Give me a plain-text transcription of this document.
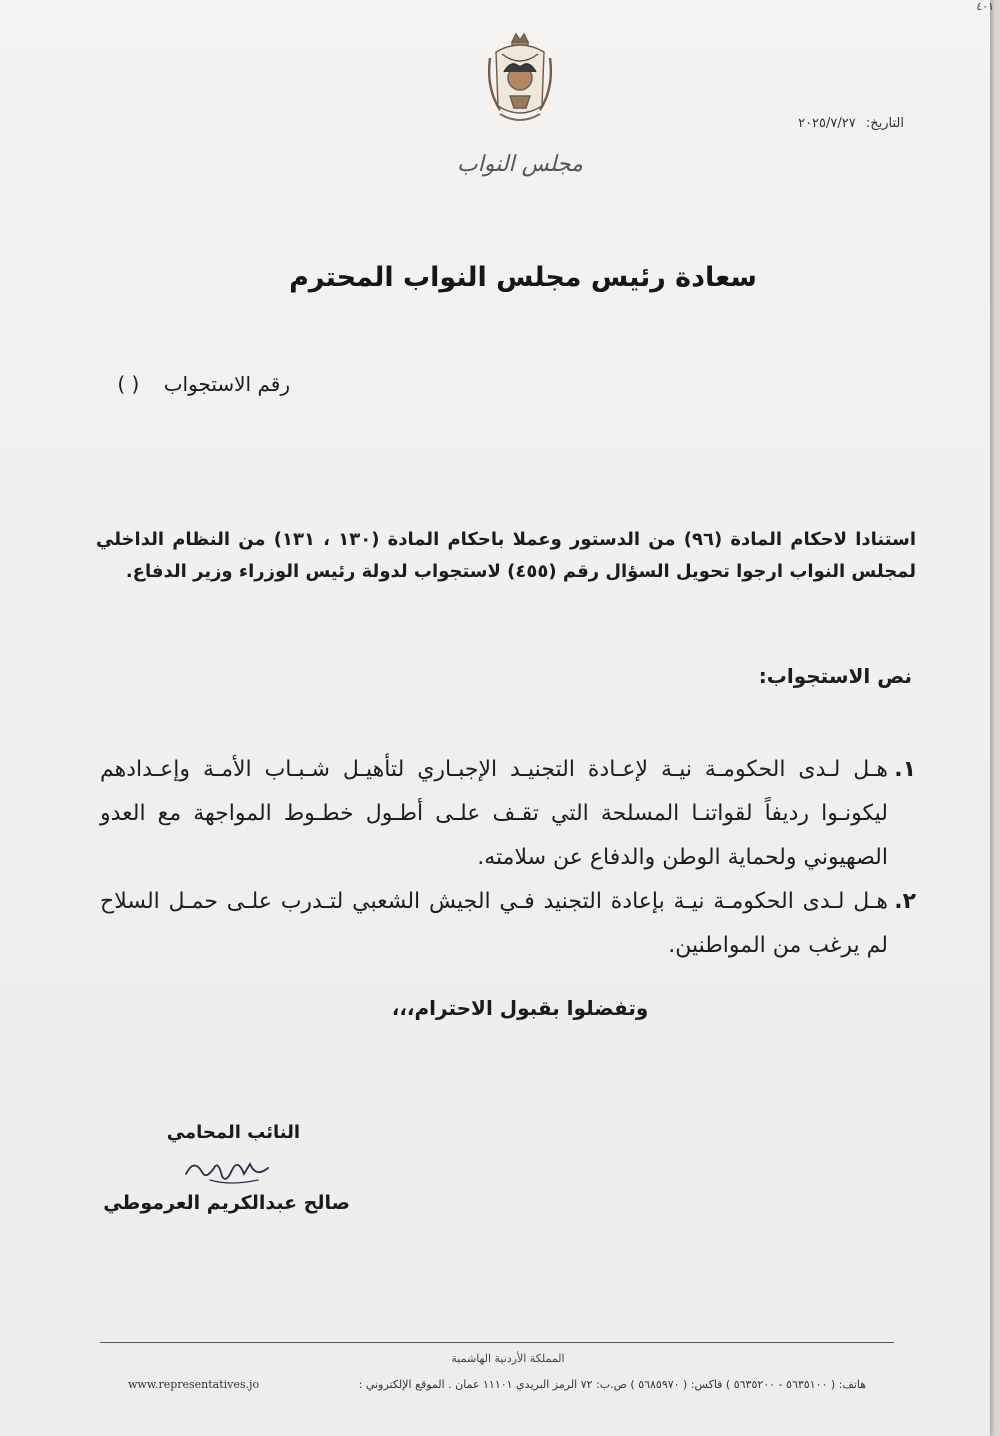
٤٠١
مجلس النواب
التاريخ: ٢٠٢٥/٧/٢٧
سعادة رئيس مجلس النواب المحترم
رقم الاستجواب ( )
استنادا لاحكام المادة (٩٦) من الدستور وعملا باحكام المادة (١٣٠ ، ١٣١) من النظام الداخلي لمجلس النواب ارجوا تحويل السؤال رقم (٤٥٥) لاستجواب لدولة رئيس الوزراء وزير الدفاع.
نص الاستجواب:
١.
هـل لـدى الحكومـة نيـة لإعـادة التجنيـد الإجبـاري لتأهيـل شـبـاب الأمـة وإعـدادهم ليكونـوا رديفاً لقواتنـا المسلحة التي تقـف علـى أطـول خطـوط المواجهة مع العدو الصهيوني ولحماية الوطن والدفاع عن سلامته.
٢.
هـل لـدى الحكومـة نيـة بإعادة التجنيد فـي الجيش الشعبي لتـدرب علـى حمـل السلاح لم يرغب من المواطنين.
وتفضلوا بقبول الاحترام،،،
النائب المحامي
صالح عبدالكريم العرموطي
المملكة الأردنية الهاشمية
هاتف: ( ٥٦٣٥١٠٠ - ٥٦٣٥٢٠٠ ) فاكس: ( ٥٦٨٥٩٧٠ ) ص.ب: ٧٢ الرمز البريدي ١١١٠١ عمان . الموقع الإلكتروني :
www.representatives.jo
